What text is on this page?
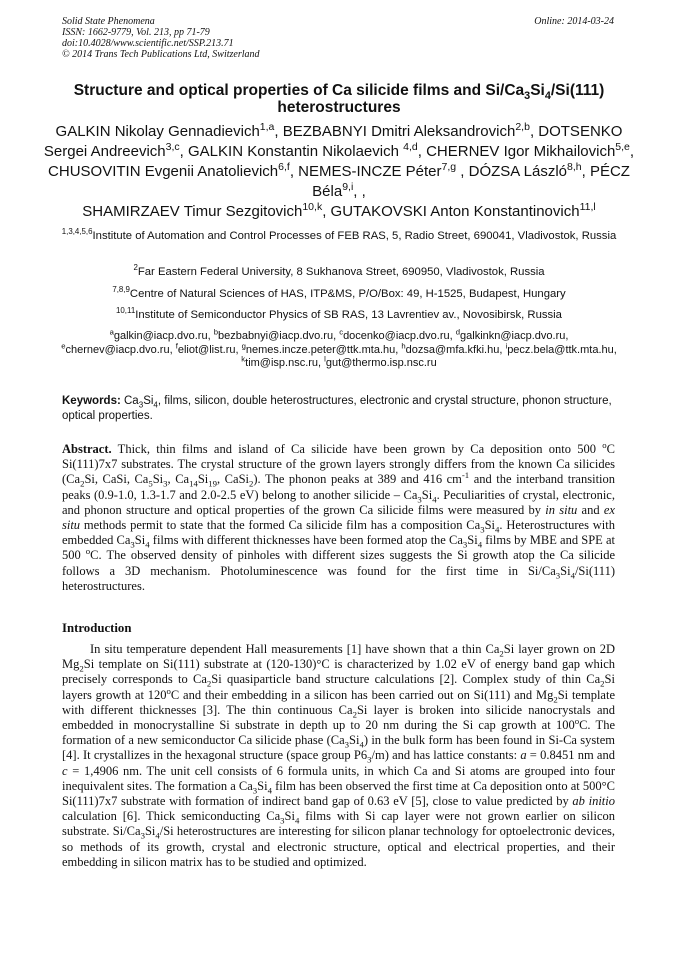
Solid State Phenomena
ISSN: 1662-9779, Vol. 213, pp 71-79
doi:10.4028/www.scientific.net/SSP.213.71
© 2014 Trans Tech Publications Ltd, Switzerland
Online: 2014-03-24
Structure and optical properties of Ca silicide films and $Si/Ca_3Si_4/Si(111)$ heterostructures
GALKIN Nikolay Gennadievich$^{1,a}$, BEZBABNYI Dmitri Aleksandrovich$^{2,b}$, DOTSENKO Sergei Andreevich$^{3,c}$, GALKIN Konstantin Nikolaevich $^{4,d}$, CHERNEV Igor Mikhailovich$^{5,e}$, CHUSOVITIN Evgenii Anatolievich$^{6,f}$, NEMES-INCZE Péter$^{7,g}$ , DÓZSA László$^{8,h}$, PÉCZ Béla$^{9,i}$, ,
SHAMIRZAEV Timur Sezgitovich$^{10,k}$, GUTAKOVSKI Anton Konstantinovich$^{11,l}$
$^{1,3,4,5,6}$Institute of Automation and Control Processes of FEB RAS, 5, Radio Street, 690041, Vladivostok, Russia
$^2$Far Eastern Federal University, 8 Sukhanova Street, 690950, Vladivostok, Russia
$^{7,8,9}$Centre of Natural Sciences of HAS, ITP&MS, P/O/Box: 49, H-1525, Budapest, Hungary
$^{10,11}$Institute of Semiconductor Physics of SB RAS, 13 Lavrentiev av., Novosibirsk, Russia
$^a$galkin@iacp.dvo.ru, $^b$bezbabnyi@iacp.dvo.ru, $^c$docenko@iacp.dvo.ru, $^d$galkinkn@iacp.dvo.ru, $^e$chernev@iacp.dvo.ru, $^f$eliot@list.ru, $^g$nemes.incze.peter@ttk.mta.hu, $^h$dozsa@mfa.kfki.hu, $^i$pecz.bela@ttk.mta.hu, $^k$tim@isp.nsc.ru, $^l$gut@thermo.isp.nsc.ru
Keywords: $Ca_3Si_4$, films, silicon, double heterostructures, electronic and crystal structure, phonon structure, optical properties.
Abstract. Thick, thin films and island of Ca silicide have been grown by Ca deposition onto 500 $^o$C Si(111)7x7 substrates. The crystal structure of the grown layers strongly differs from the known Ca silicides ($Ca_2Si$, CaSi, $Ca_5Si_3$, $Ca_{14}Si_{19}$, CaSi$_2$). The phonon peaks at 389 and 416 $cm^{-1}$ and the interband transition peaks (0.9-1.0, 1.3-1.7 and 2.0-2.5 eV) belong to another silicide – $Ca_3Si_4$. Peculiarities of crystal, electronic, and phonon structure and optical properties of the grown Ca silicide films were measured by in situ and ex situ methods permit to state that the formed Ca silicide film has a composition $Ca_3Si_4$. Heterostructures with embedded $Ca_3Si_4$ films with different thicknesses have been formed atop the $Ca_3Si_4$ films by MBE and SPE at 500 $^o$C. The observed density of pinholes with different sizes suggests the Si growth atop the Ca silicide follows a 3D mechanism. Photoluminescence was found for the first time in $Si/Ca_3Si_4/Si(111)$ heterostructures.
Introduction
In situ temperature dependent Hall measurements [1] have shown that a thin $Ca_2Si$ layer grown on 2D $Mg_2Si$ template on Si(111) substrate at (120-130)°C is characterized by 1.02 eV of energy band gap which precisely corresponds to $Ca_2Si$ quasiparticle band structure calculations [2]. Complex study of thin $Ca_2Si$ layers growth at 120$^o$C and their embedding in a silicon has been carried out on Si(111) and $Mg_2Si$ template with different thicknesses [3]. The thin continuous $Ca_2Si$ layer is broken into silicide nanocrystals and embedded in monocrystalline Si substrate in depth up to 20 nm during the Si cap growth at 100$^o$C. The formation of a new semiconductor Ca silicide phase $(Ca_3Si_4)$ in the bulk form has been found in Si-Ca system [4]. It crystallizes in the hexagonal structure (space group $P6_3/m$) and has lattice constants: a = 0.8451 nm and c = 1,4906 nm. The unit cell consists of 6 formula units, in which Ca and Si atoms are grouped into four inequivalent sites. The formation a $Ca_3Si_4$ film has been observed the first time at Ca deposition onto at 500°C Si(111)7x7 substrate with formation of indirect band gap of 0.63 eV [5], close to value predicted by ab initio calculation [6]. Thick semiconducting $Ca_3Si_4$ films with Si cap layer were not grown earlier on silicon substrate. $Si/Ca_3Si_4/Si$ heterostructures are interesting for silicon planar technology for optoelectronic devices, so methods of its growth, crystal and electronic structure, optical and electrical properties, and their embedding in silicon matrix has to be studied and optimized.
